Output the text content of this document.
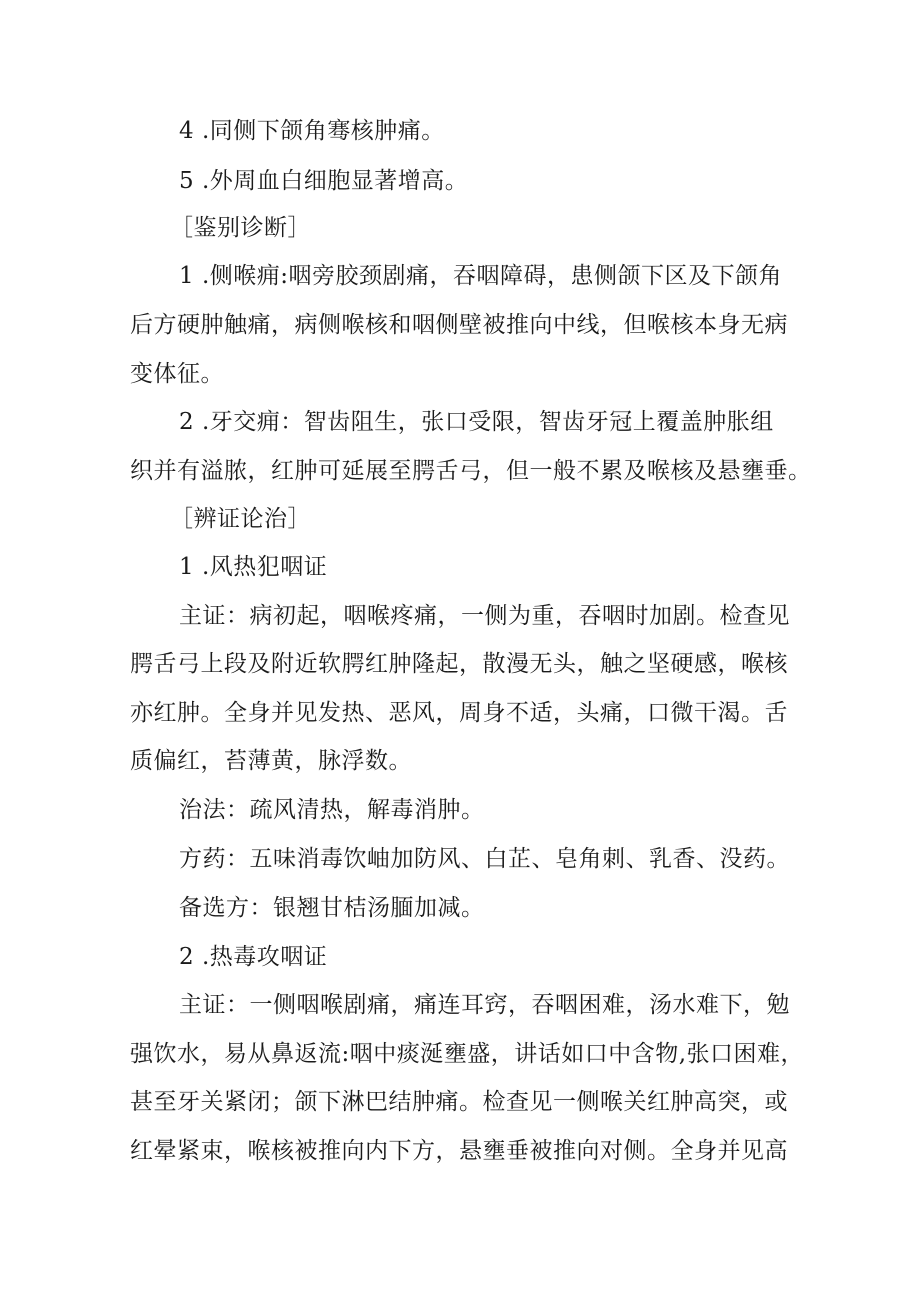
4 .同侧下颌角骞核肿痛。
5 .外周血白细胞显著增高。
［鉴别诊断］
1 .侧喉痈:咽旁胶颈剧痛，吞咽障碍，患侧颌下区及下颌角
后方硬肿触痛，病侧喉核和咽侧壁被推向中线，但喉核本身无病
变体征。
2 .牙交痈：智齿阻生，张口受限，智齿牙冠上覆盖肿胀组
织并有溢脓，红肿可延展至腭舌弓，但一般不累及喉核及悬壅垂。
［辨证论治］
1 .风热犯咽证
主证：病初起，咽喉疼痛，一侧为重，吞咽时加剧。检查见
腭舌弓上段及附近软腭红肿隆起，散漫无头，触之坚硬感，喉核
亦红肿。全身并见发热、恶风，周身不适，头痛，口微干渴。舌
质偏红，苔薄黄，脉浮数。
治法：疏风清热，解毒消肿。
方药：五味消毒饮岫加防风、白芷、皂角刺、乳香、没药。
备选方：银翘甘桔汤腼加减。
2 .热毒攻咽证
主证：一侧咽喉剧痛，痛连耳窍，吞咽困难，汤水难下，勉
强饮水，易从鼻返流:咽中痰涎壅盛，讲话如口中含物,张口困难，
甚至牙关紧闭；颌下淋巴结肿痛。检查见一侧喉关红肿高突，或
红晕紧束，喉核被推向内下方，悬壅垂被推向对侧。全身并见高
